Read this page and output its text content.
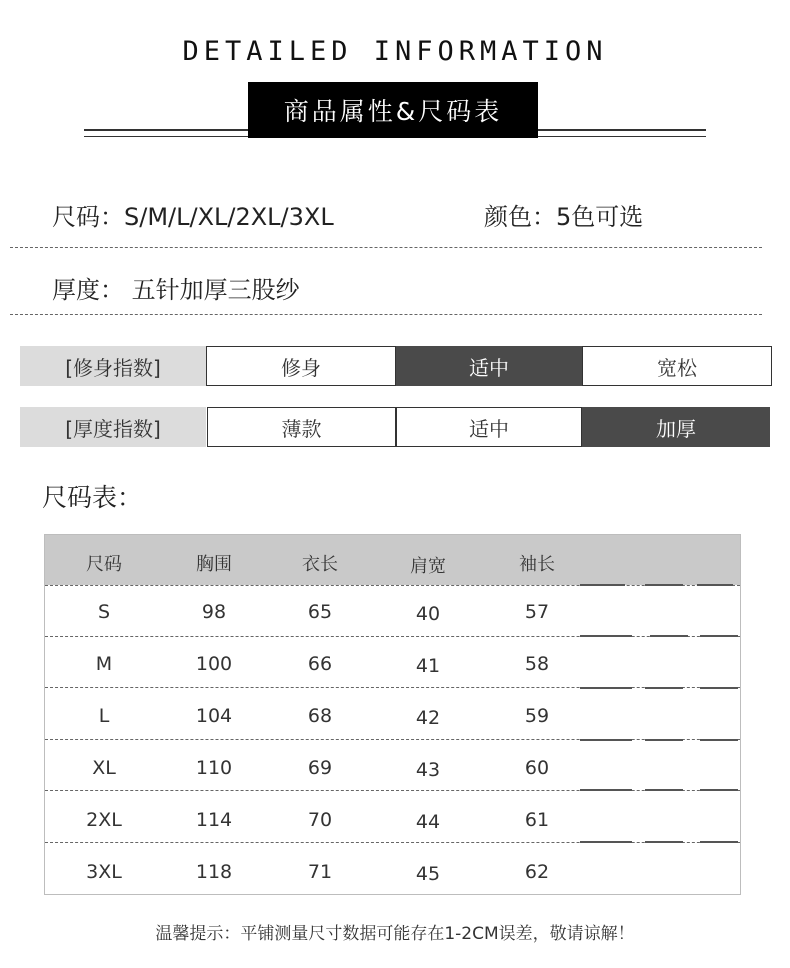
DETAILED INFORMATION
商品属性&尺码表
尺码：S/M/L/XL/2XL/3XL	颜色：5色可选
厚度： 五针加厚三股纱
[修身指数]	修身	适中	宽松
[厚度指数]	薄款	适中	加厚
尺码表：
尺码	胸围	衣长	肩宽	袖长
S	98	65	40	57
M	100	66	41	58
L	104	68	42	59
XL	110	69	43	60
2XL	114	70	44	61
3XL	118	71	45	62
温馨提示：平铺测量尺寸数据可能存在1-2CM误差，敬请谅解！
